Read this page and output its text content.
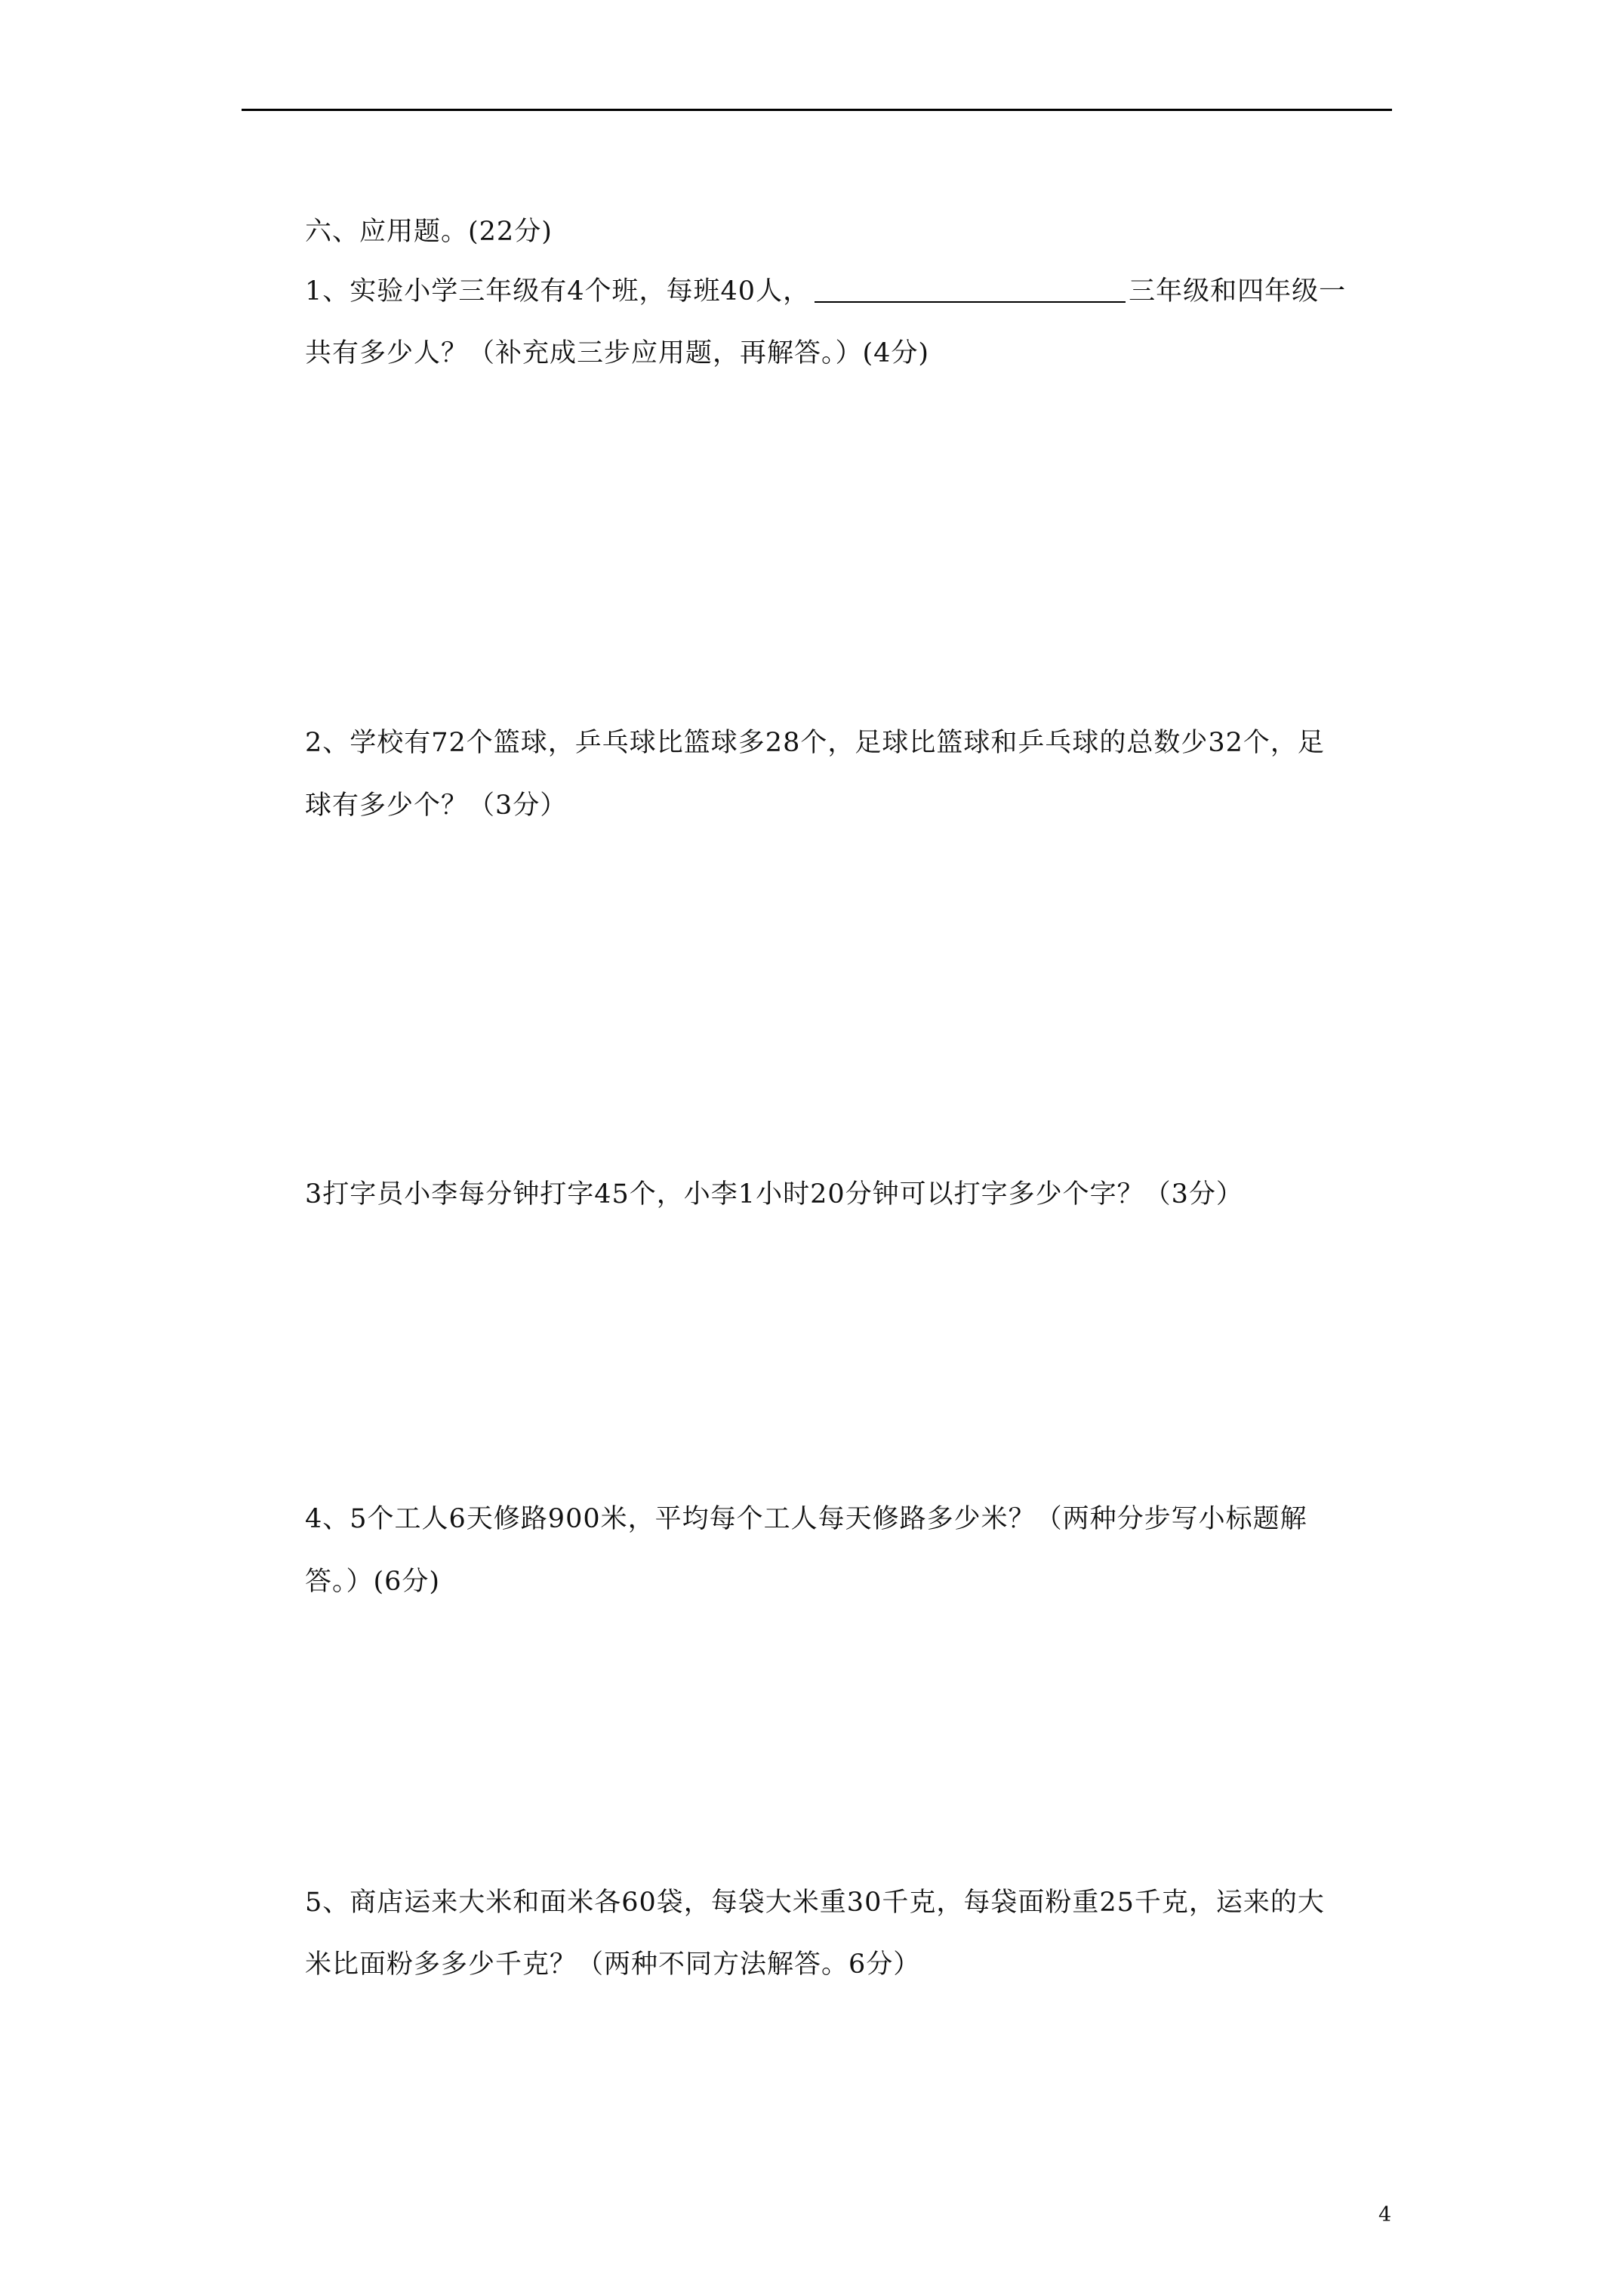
六、应用题。(22分)
1、实验小学三年级有4个班，每班40人，	三年级和四年级一
共有多少人？（补充成三步应用题，再解答。）(4分)
2、学校有72个篮球，乒乓球比篮球多28个，足球比篮球和乒乓球的总数少32个，足
球有多少个？（3分）
3打字员小李每分钟打字45个，小李1小时20分钟可以打字多少个字？（3分）
4、5个工人6天修路900米，平均每个工人每天修路多少米？（两种分步写小标题解
答。）(6分)
5、商店运来大米和面米各60袋，每袋大米重30千克，每袋面粉重25千克，运来的大
米比面粉多多少千克？（两种不同方法解答。6分）
4
